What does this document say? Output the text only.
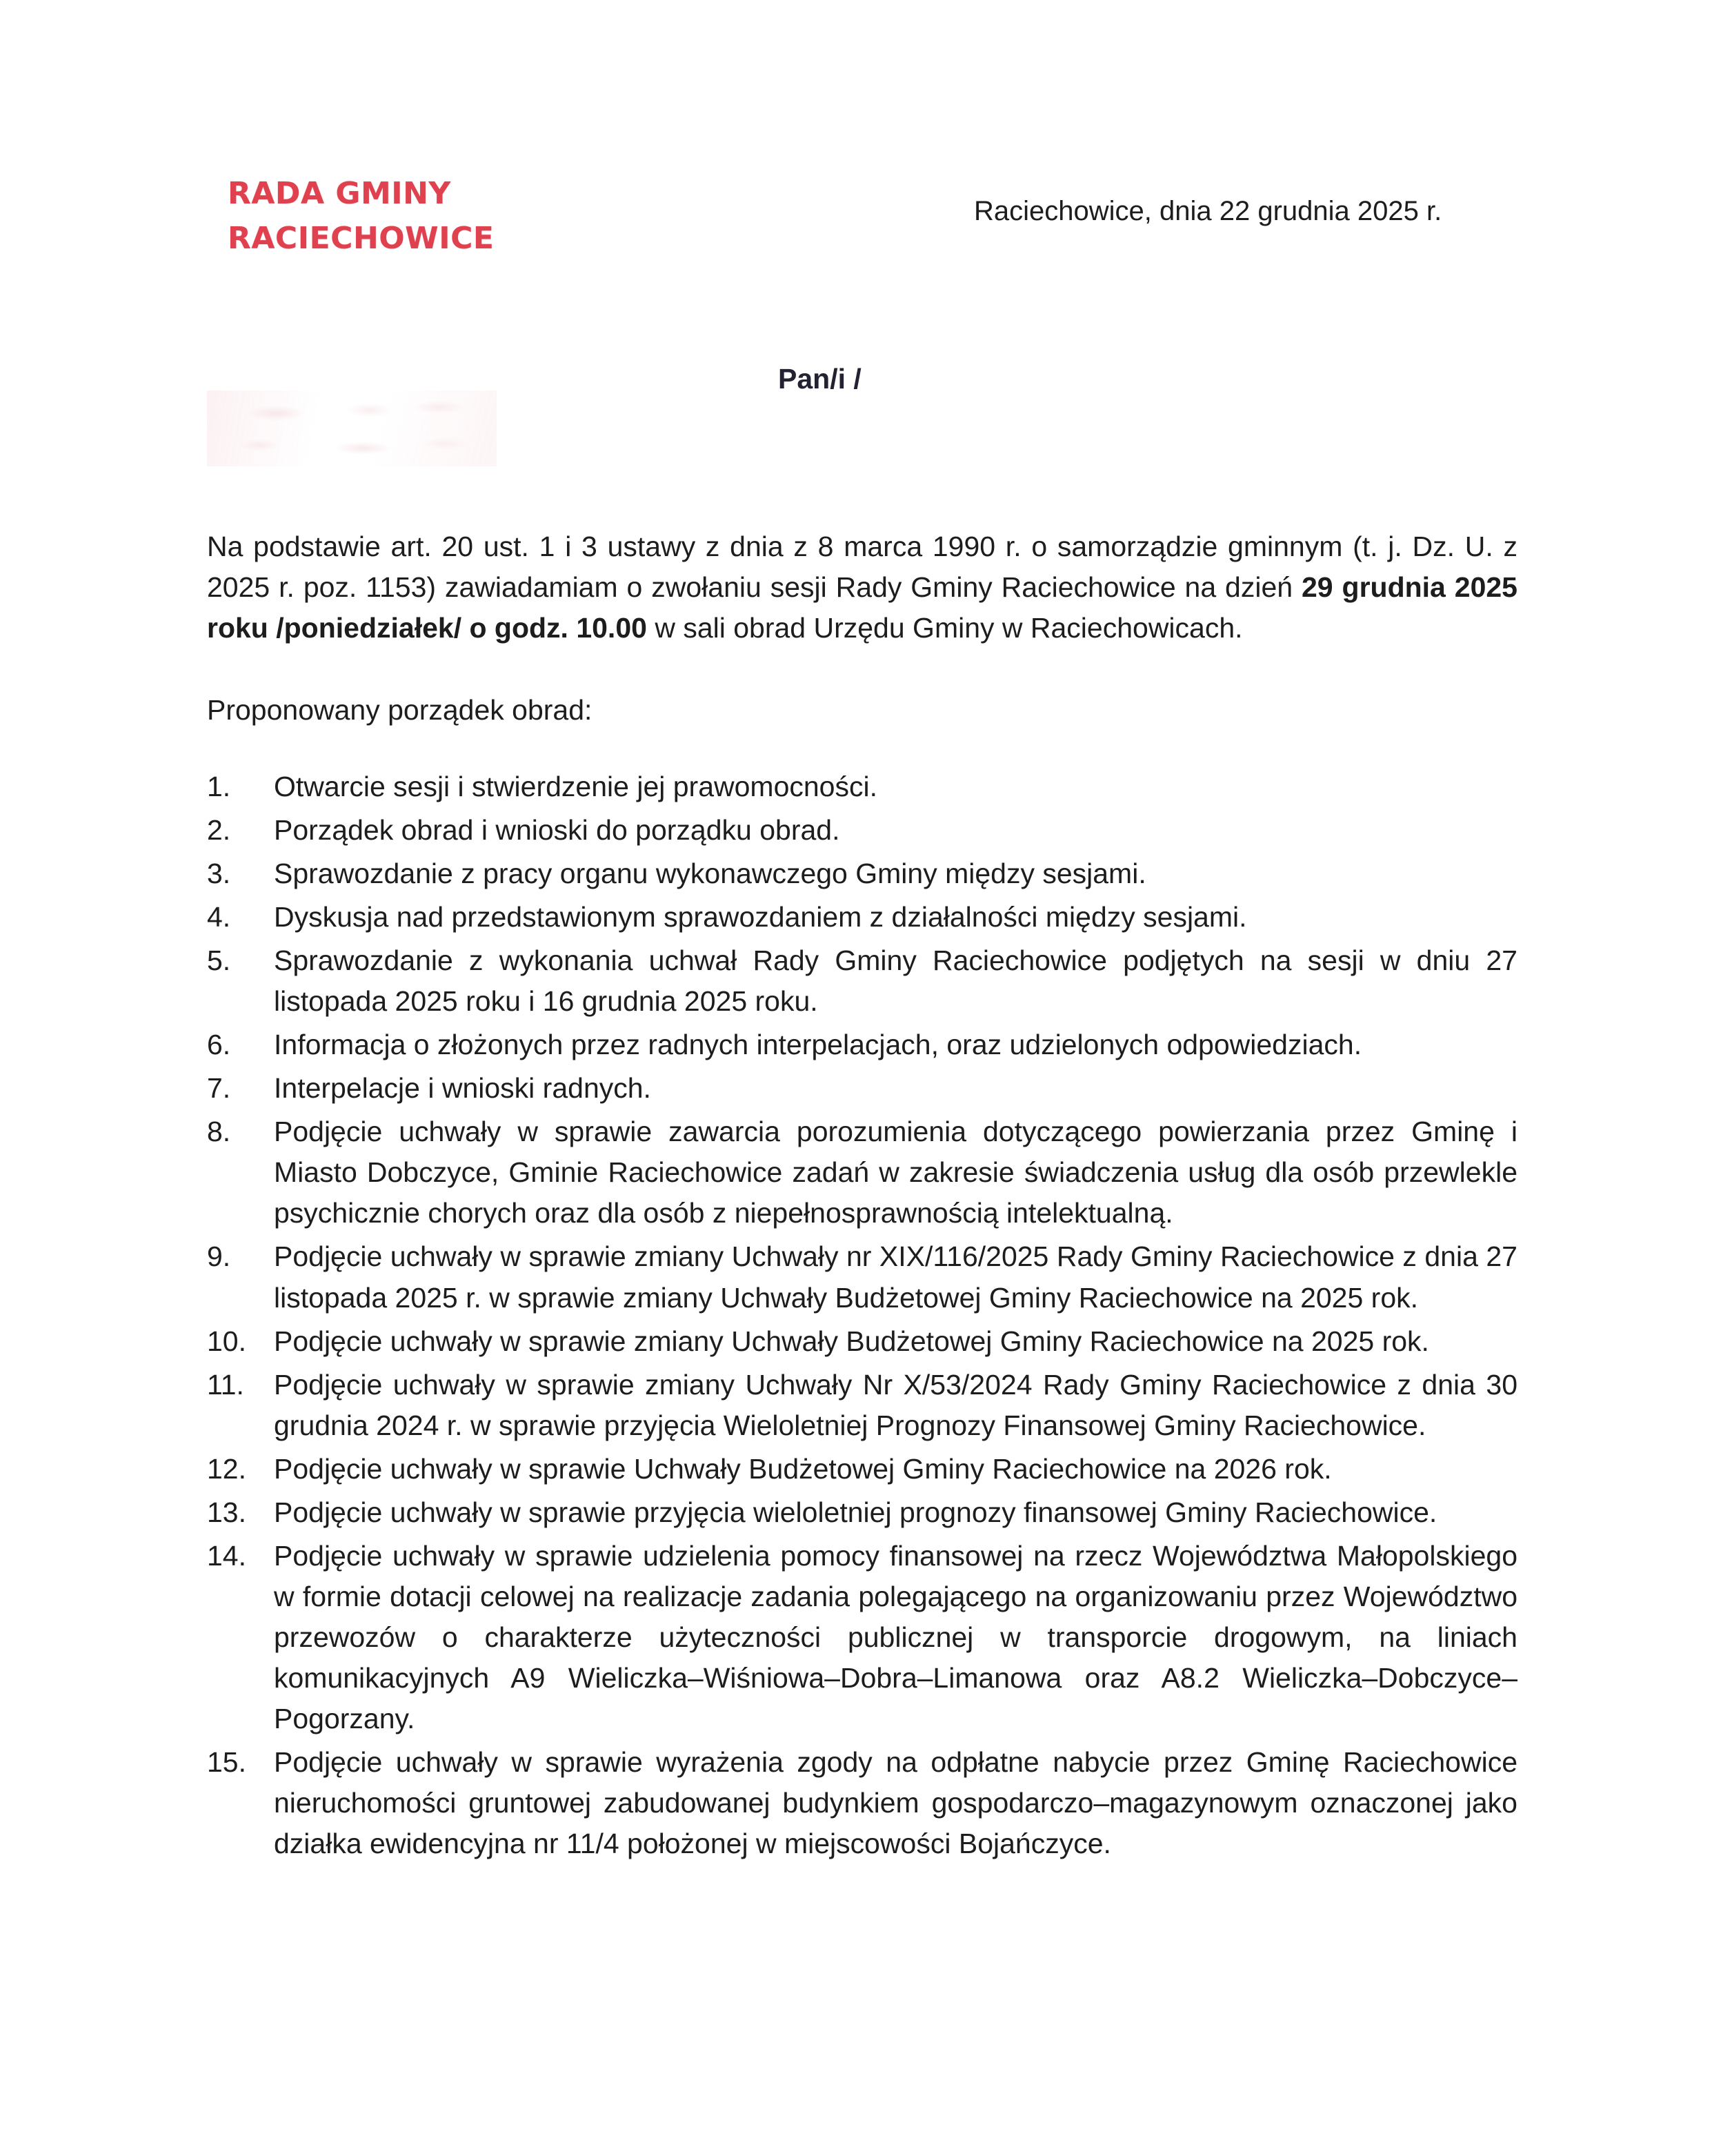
RADA GMINY
RACIECHOWICE
Raciechowice, dnia 22 grudnia 2025 r.
Pan/i /

Na podstawie art. 20 ust. 1 i 3 ustawy z dnia z 8 marca 1990 r. o samorządzie gminnym (t. j. Dz. U. z 2025 r. poz. 1153) zawiadamiam o zwołaniu sesji Rady Gminy Raciechowice na dzień 29 grudnia 2025 roku /poniedziałek/ o godz. 10.00 w sali obrad Urzędu Gminy w Raciechowicach.

Proponowany porządek obrad:

1.	Otwarcie sesji i stwierdzenie jej prawomocności.
2.	Porządek obrad i wnioski do porządku obrad.
3.	Sprawozdanie z pracy organu wykonawczego Gminy między sesjami.
4.	Dyskusja nad przedstawionym sprawozdaniem z działalności między sesjami.
5.	Sprawozdanie z wykonania uchwał Rady Gminy Raciechowice podjętych na sesji w dniu 27 listopada 2025 roku i 16 grudnia 2025 roku.
6.	Informacja o złożonych przez radnych interpelacjach, oraz udzielonych odpowiedziach.
7.	Interpelacje i wnioski radnych.
8.	Podjęcie uchwały w sprawie zawarcia porozumienia dotyczącego powierzania przez Gminę i Miasto Dobczyce, Gminie Raciechowice zadań w zakresie świadczenia usług dla osób przewlekle psychicznie chorych oraz dla osób z niepełnosprawnością intelektualną.
9.	Podjęcie uchwały w sprawie zmiany Uchwały nr XIX/116/2025 Rady Gminy Raciechowice z dnia 27 listopada 2025 r. w sprawie zmiany Uchwały Budżetowej Gminy Raciechowice na 2025 rok.
10. Podjęcie uchwały w sprawie zmiany Uchwały Budżetowej Gminy Raciechowice na 2025 rok.
11.	Podjęcie uchwały w sprawie zmiany Uchwały Nr X/53/2024 Rady Gminy Raciechowice z dnia 30 grudnia 2024 r. w sprawie przyjęcia Wieloletniej Prognozy Finansowej Gminy Raciechowice.
12. Podjęcie uchwały w sprawie Uchwały Budżetowej Gminy Raciechowice na 2026 rok.
13. Podjęcie uchwały w sprawie przyjęcia wieloletniej prognozy finansowej Gminy Raciechowice.
14. Podjęcie uchwały w sprawie udzielenia pomocy finansowej na rzecz Województwa Małopolskiego w formie dotacji celowej na realizacje zadania polegającego na organizowaniu przez Województwo przewozów o charakterze użyteczności publicznej w transporcie drogowym, na liniach komunikacyjnych A9 Wieliczka–Wiśniowa–Dobra–Limanowa oraz A8.2 Wieliczka–Dobczyce–Pogorzany.
15. Podjęcie uchwały w sprawie wyrażenia zgody na odpłatne nabycie przez Gminę Raciechowice nieruchomości gruntowej zabudowanej budynkiem gospodarczo–magazynowym oznaczonej jako działka ewidencyjna nr 11/4 położonej w miejscowości Bojańczyce.
